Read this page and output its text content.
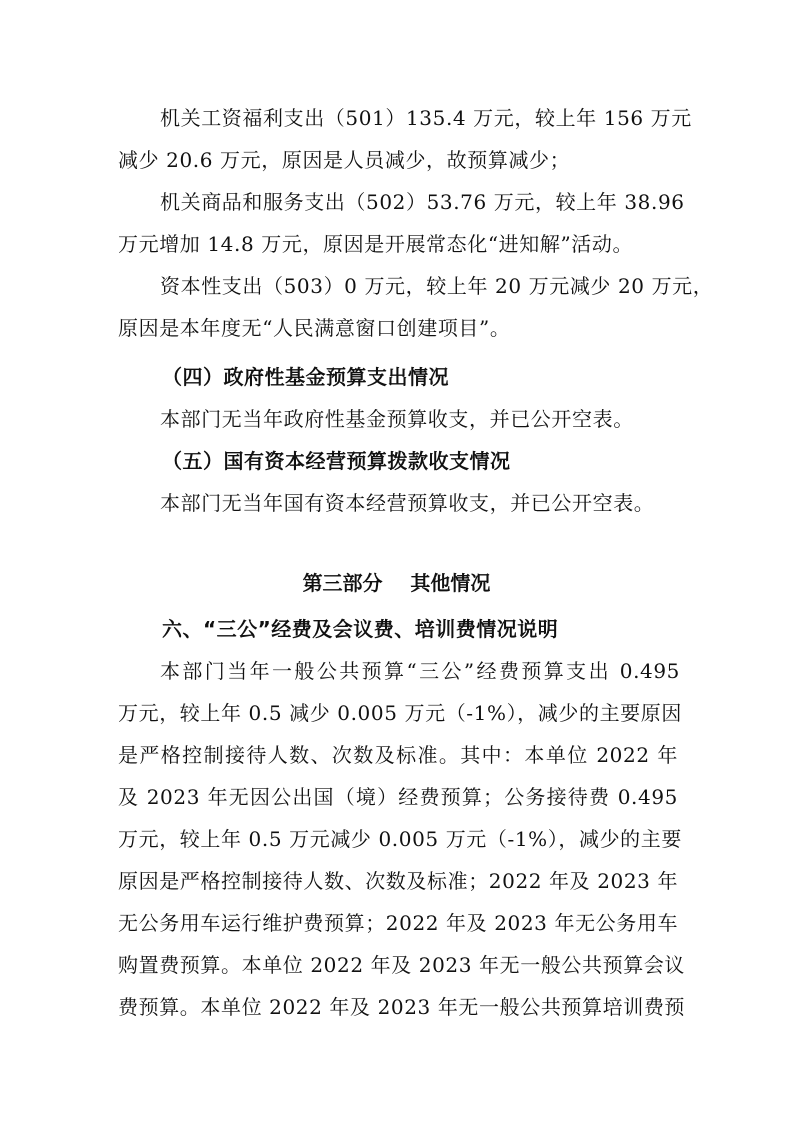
机关工资福利支出（501）135.4 万元，较上年 156 万元
减少 20.6 万元，原因是人员减少，故预算减少；
机关商品和服务支出（502）53.76 万元，较上年 38.96
万元增加 14.8 万元，原因是开展常态化“进知解”活动。
资本性支出（503）0 万元，较上年 20 万元减少 20 万元，
原因是本年度无“人民满意窗口创建项目”。
（四）政府性基金预算支出情况
本部门无当年政府性基金预算收支，并已公开空表。
（五）国有资本经营预算拨款收支情况
本部门无当年国有资本经营预算收支，并已公开空表。
第三部分    其他情况
六、“三公”经费及会议费、培训费情况说明
本部门当年一般公共预算“三公”经费预算支出 0.495
万元，较上年 0.5 减少 0.005 万元（-1%），减少的主要原因
是严格控制接待人数、次数及标准。其中：本单位 2022 年
及 2023 年无因公出国（境）经费预算；公务接待费 0.495
万元，较上年 0.5 万元减少 0.005 万元（-1%），减少的主要
原因是严格控制接待人数、次数及标准；2022 年及 2023 年
无公务用车运行维护费预算；2022 年及 2023 年无公务用车
购置费预算。本单位 2022 年及 2023 年无一般公共预算会议
费预算。本单位 2022 年及 2023 年无一般公共预算培训费预
